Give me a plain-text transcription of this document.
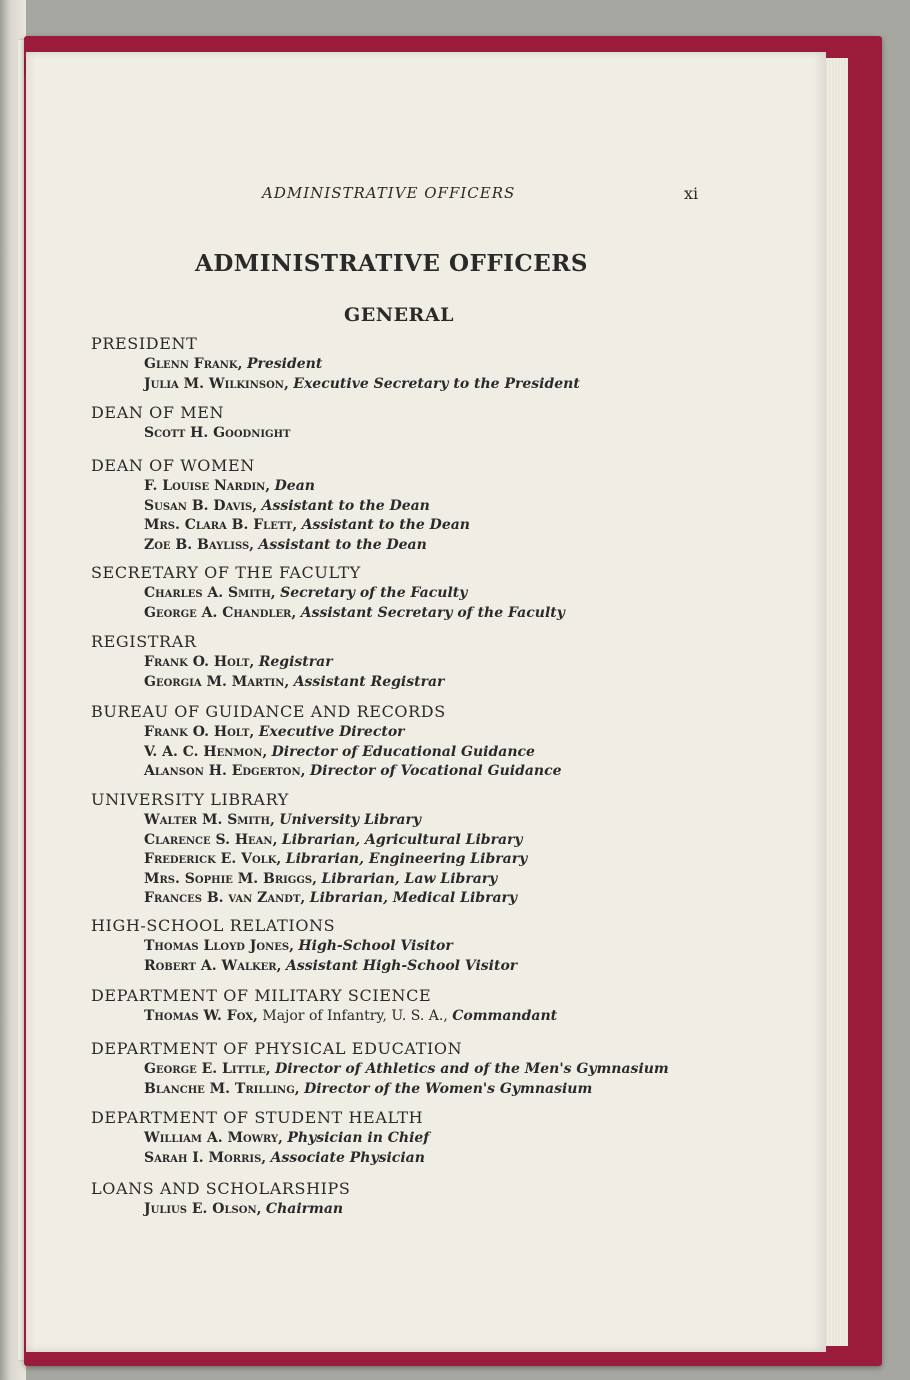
ADMINISTRATIVE OFFICERS	xi
ADMINISTRATIVE OFFICERS
GENERAL
PRESIDENT
Glenn Frank, President
Julia M. Wilkinson, Executive Secretary to the President
DEAN OF MEN
Scott H. Goodnight
DEAN OF WOMEN
F. Louise Nardin, Dean
Susan B. Davis, Assistant to the Dean
Mrs. Clara B. Flett, Assistant to the Dean
Zoe B. Bayliss, Assistant to the Dean
SECRETARY OF THE FACULTY
Charles A. Smith, Secretary of the Faculty
George A. Chandler, Assistant Secretary of the Faculty
REGISTRAR
Frank O. Holt, Registrar
Georgia M. Martin, Assistant Registrar
BUREAU OF GUIDANCE AND RECORDS
Frank O. Holt, Executive Director
V. A. C. Henmon, Director of Educational Guidance
Alanson H. Edgerton, Director of Vocational Guidance
UNIVERSITY LIBRARY
Walter M. Smith, University Library
Clarence S. Hean, Librarian, Agricultural Library
Frederick E. Volk, Librarian, Engineering Library
Mrs. Sophie M. Briggs, Librarian, Law Library
Frances B. van Zandt, Librarian, Medical Library
HIGH-SCHOOL RELATIONS
Thomas Lloyd Jones, High-School Visitor
Robert A. Walker, Assistant High-School Visitor
DEPARTMENT OF MILITARY SCIENCE
Thomas W. Fox, Major of Infantry, U. S. A., Commandant
DEPARTMENT OF PHYSICAL EDUCATION
George E. Little, Director of Athletics and of the Men's Gymnasium
Blanche M. Trilling, Director of the Women's Gymnasium
DEPARTMENT OF STUDENT HEALTH
William A. Mowry, Physician in Chief
Sarah I. Morris, Associate Physician
LOANS AND SCHOLARSHIPS
Julius E. Olson, Chairman
